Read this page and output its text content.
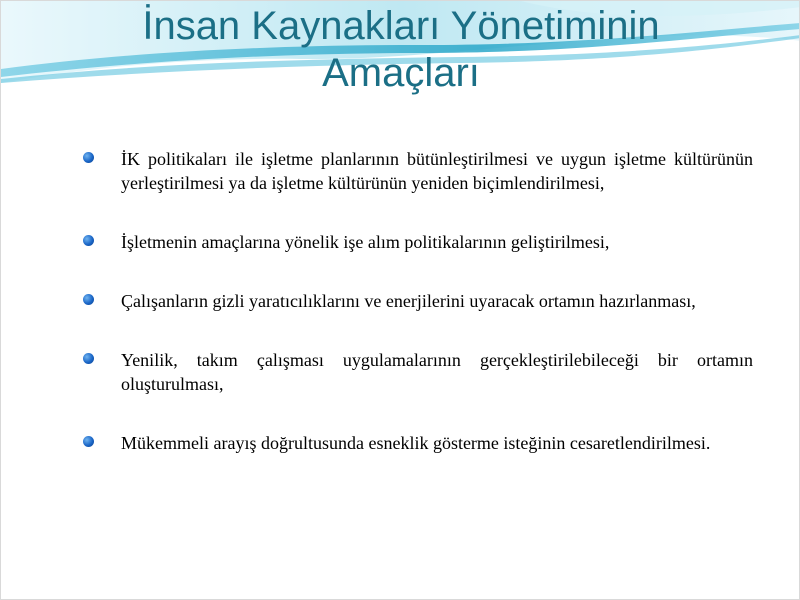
İnsan Kaynakları Yönetiminin
Amaçları
İK politikaları ile işletme planlarının bütünleştirilmesi ve uygun işletme kültürünün yerleştirilmesi ya da işletme kültürünün yeniden biçimlendirilmesi,
İşletmenin amaçlarına yönelik işe alım politikalarının geliştirilmesi,
Çalışanların gizli yaratıcılıklarını ve enerjilerini uyaracak ortamın hazırlanması,
Yenilik, takım çalışması uygulamalarının gerçekleştirilebileceği bir ortamın oluşturulması,
Mükemmeli arayış doğrultusunda esneklik gösterme isteğinin cesaretlendirilmesi.
